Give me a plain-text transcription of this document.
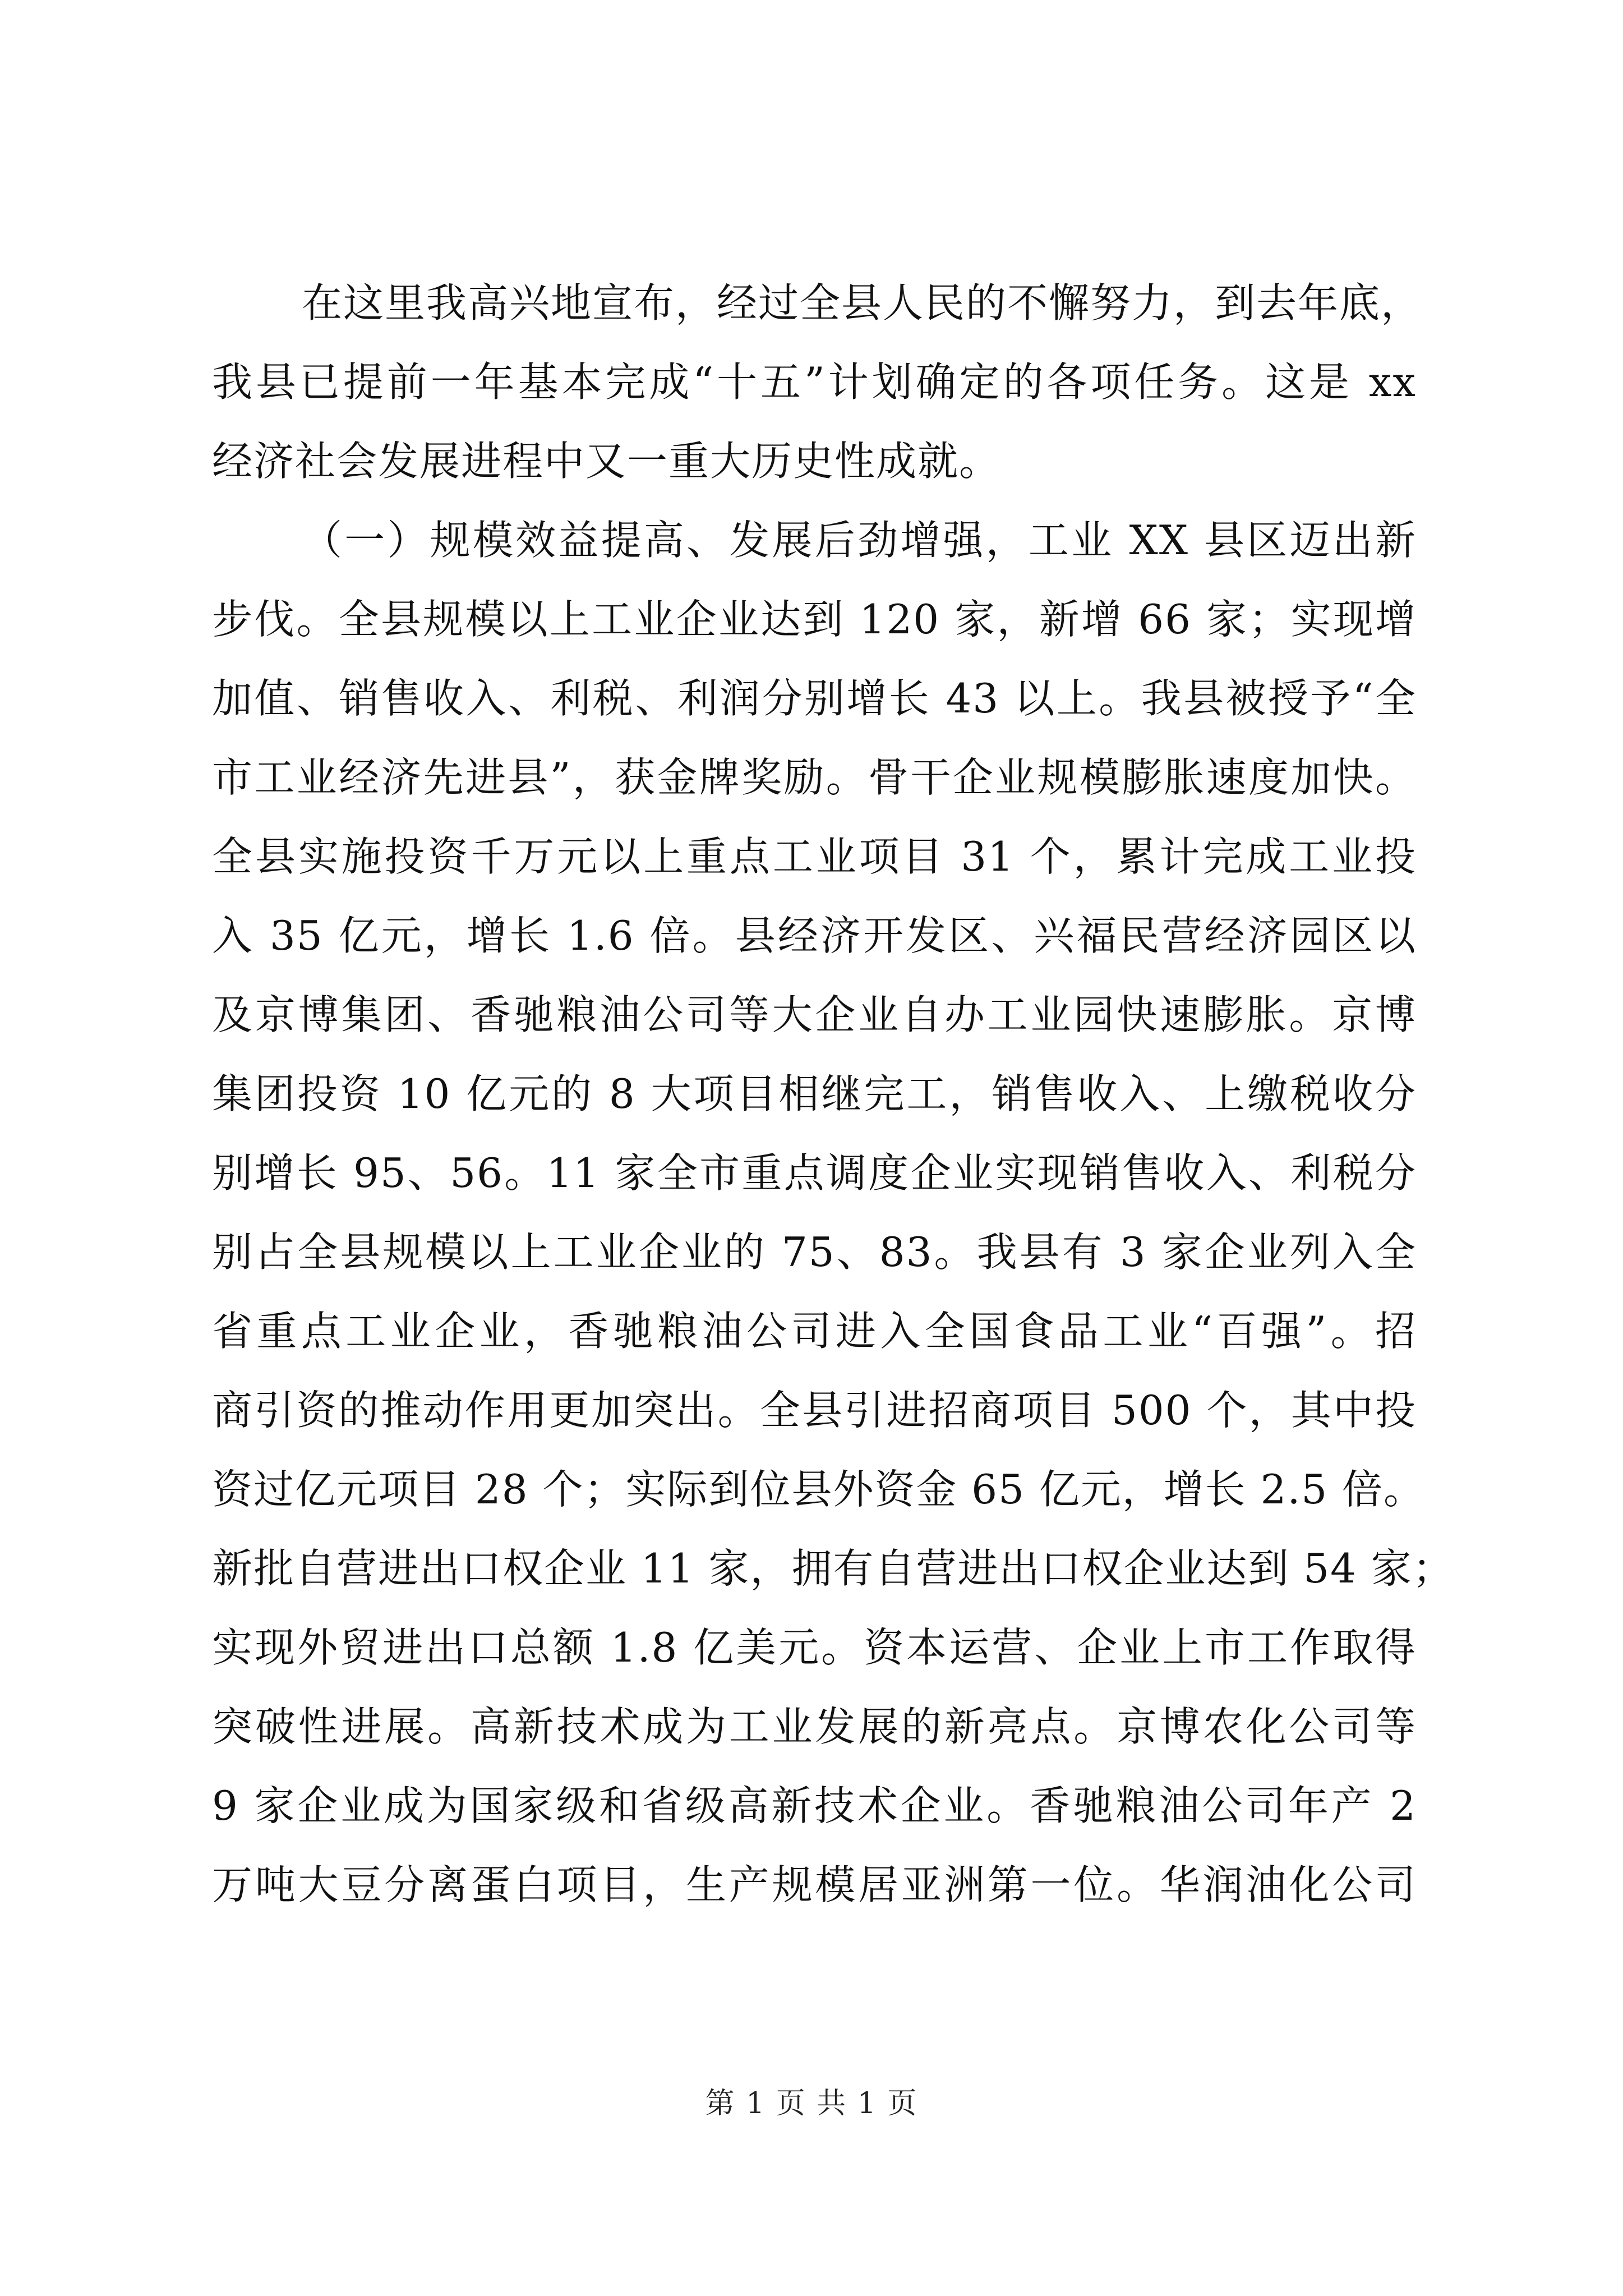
在这里我高兴地宣布，经过全县人民的不懈努力，到去年底，
我县已提前一年基本完成“十五”计划确定的各项任务。这是 xx
经济社会发展进程中又一重大历史性成就。
（一）规模效益提高、发展后劲增强，工业 XX 县区迈出新
步伐。全县规模以上工业企业达到 120 家，新增 66 家；实现增
加值、销售收入、利税、利润分别增长 43 以上。我县被授予“全
市工业经济先进县”，获金牌奖励。骨干企业规模膨胀速度加快。
全县实施投资千万元以上重点工业项目 31 个，累计完成工业投
入 35 亿元，增长 1.6 倍。县经济开发区、兴福民营经济园区以
及京博集团、香驰粮油公司等大企业自办工业园快速膨胀。京博
集团投资 10 亿元的 8 大项目相继完工，销售收入、上缴税收分
别增长 95、56。11 家全市重点调度企业实现销售收入、利税分
别占全县规模以上工业企业的 75、83。我县有 3 家企业列入全
省重点工业企业，香驰粮油公司进入全国食品工业“百强”。招
商引资的推动作用更加突出。全县引进招商项目 500 个，其中投
资过亿元项目 28 个；实际到位县外资金 65 亿元，增长 2.5 倍。
新批自营进出口权企业 11 家，拥有自营进出口权企业达到 54 家；
实现外贸进出口总额 1.8 亿美元。资本运营、企业上市工作取得
突破性进展。高新技术成为工业发展的新亮点。京博农化公司等
9 家企业成为国家级和省级高新技术企业。香驰粮油公司年产 2
万吨大豆分离蛋白项目，生产规模居亚洲第一位。华润油化公司
第 1 页 共 1 页
